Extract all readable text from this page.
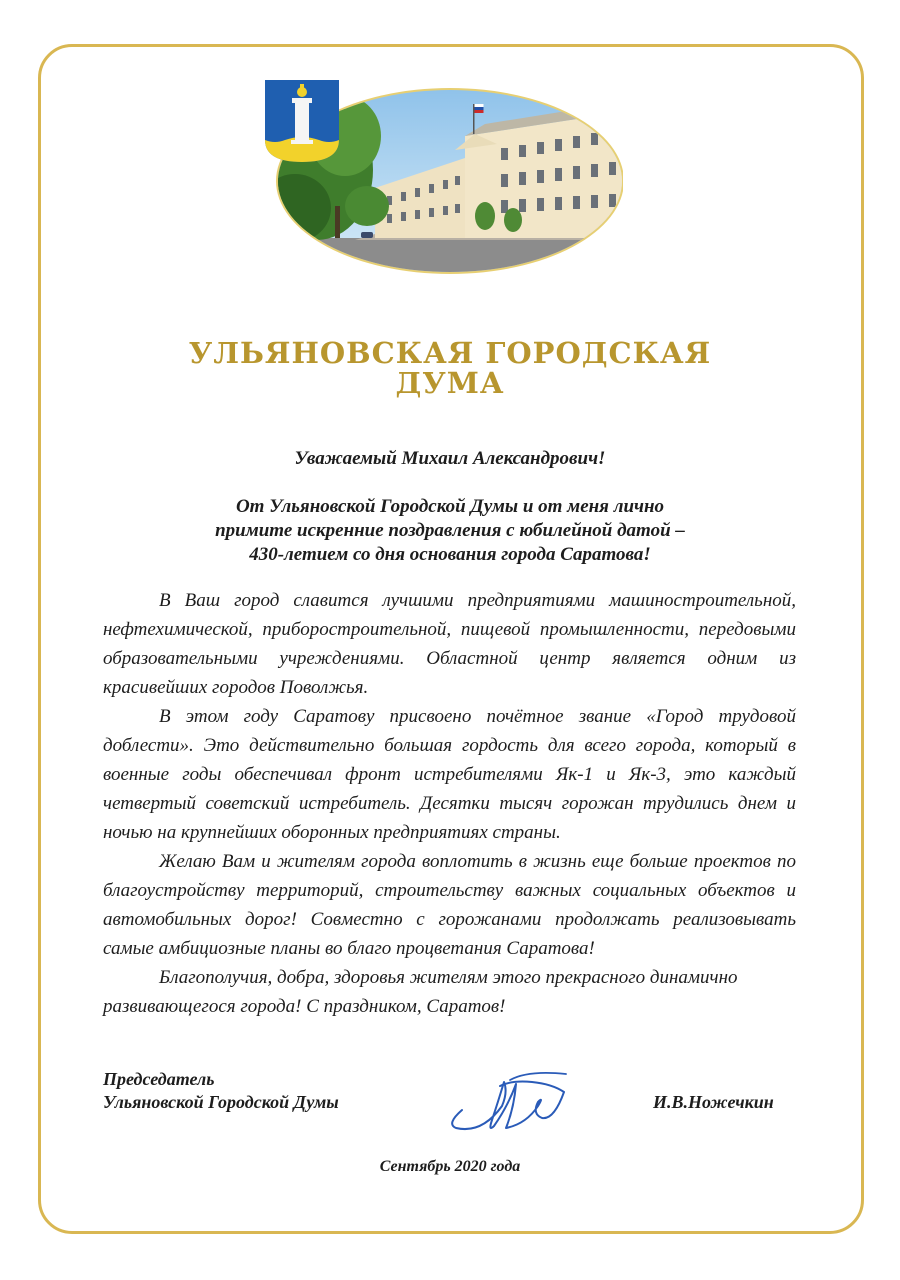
УЛЬЯНОВСКАЯ ГОРОДСКАЯ
ДУМА
Уважаемый Михаил Александрович!
От Ульяновской Городской Думы и от меня лично
примите искренние поздравления с юбилейной датой –
430-летием со дня основания города Саратова!

В Ваш город славится лучшими предприятиями машиностроительной, нефтехимической, приборостроительной, пищевой промышленности, передовыми образовательными учреждениями. Областной центр является одним из красивейших городов Поволжья.

В этом году Саратову присвоено почётное звание «Город трудовой доблести». Это действительно большая гордость для всего города, который в военные годы обеспечивал фронт истребителями Як-1 и Як-3, это каждый четвертый советский истребитель. Десятки тысяч горожан трудились днем и ночью на крупнейших оборонных предприятиях страны.

Желаю Вам и жителям города воплотить в жизнь еще больше проектов по благоустройству территорий, строительству важных социальных объектов и автомобильных дорог! Совместно с горожанами продолжать реализовывать самые амбициозные планы во благо процветания Саратова!

Благополучия, добра, здоровья жителям этого прекрасного динамично развивающегося города! С праздником, Саратов!

Председатель
Ульяновской Городской Думы	И.В.Ножечкин
Сентябрь 2020 года
